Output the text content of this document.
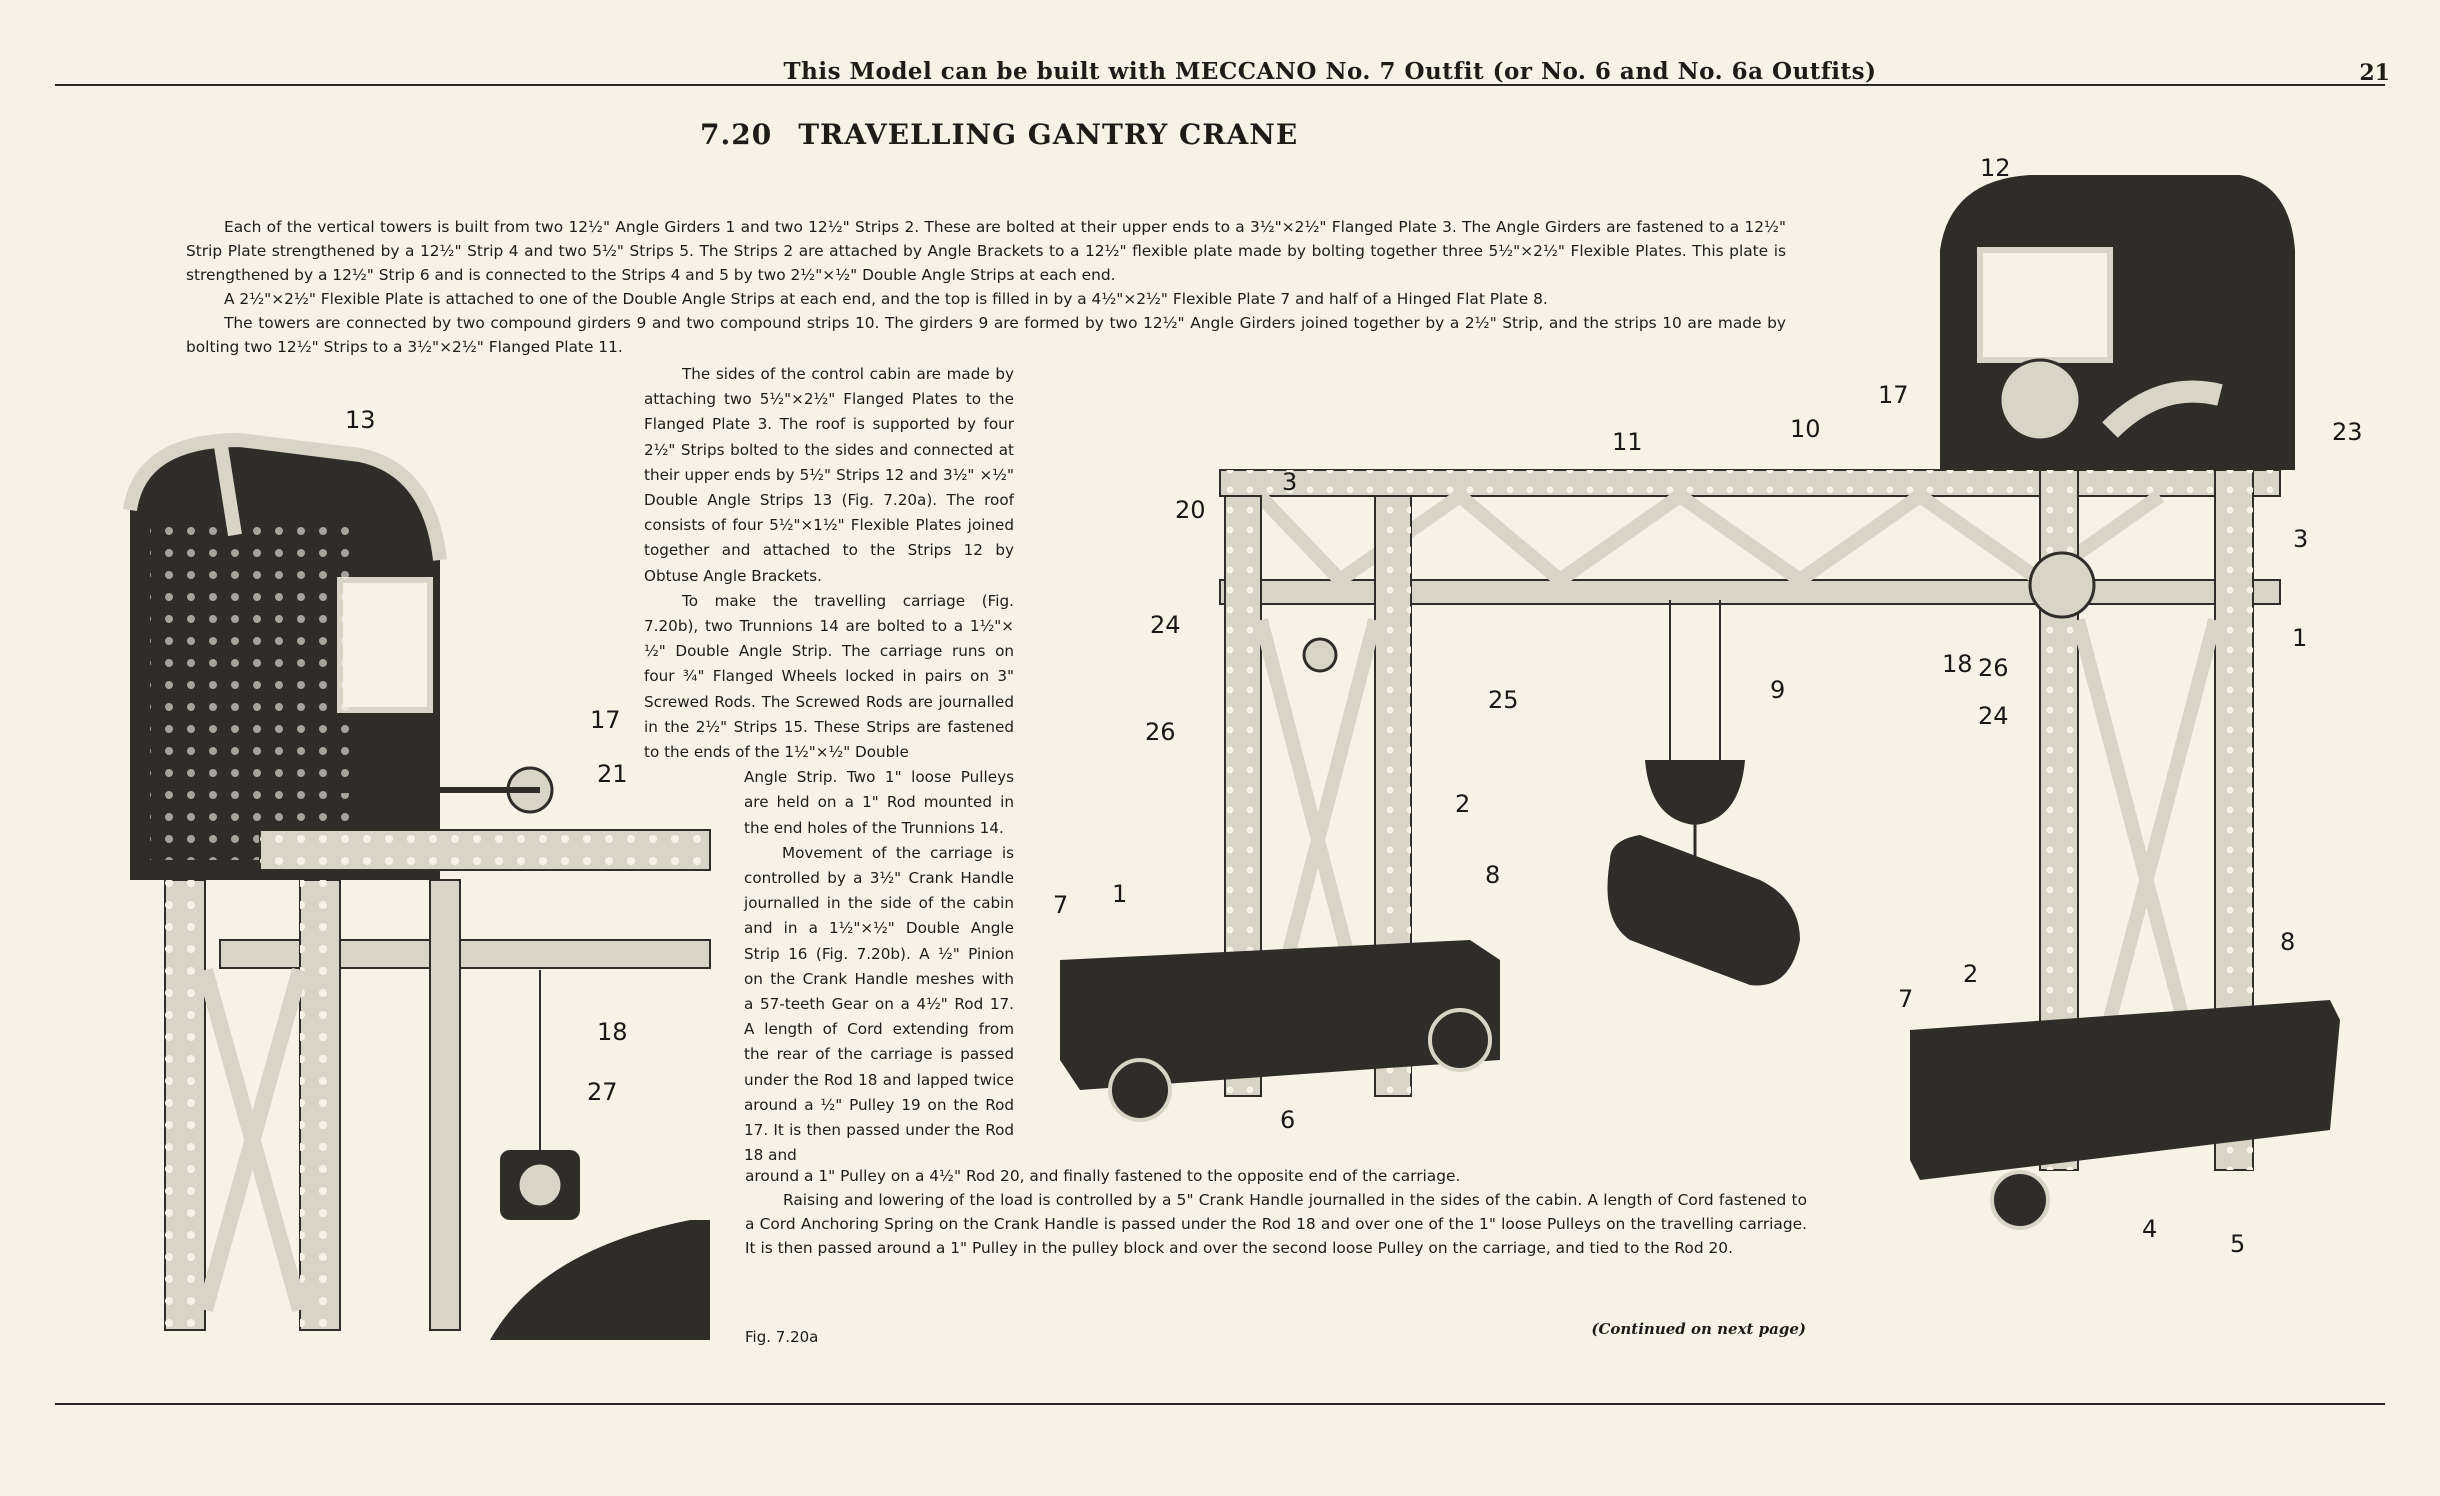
This Model can be built with MECCANO No. 7 Outfit (or No. 6 and No. 6a Outfits)	21
7.20 TRAVELLING GANTRY CRANE

Each of the vertical towers is built from two 12½" Angle Girders 1 and two 12½" Strips 2. These are bolted at their upper ends to a 3½"×2½" Flanged Plate 3. The Angle Girders are fastened to a 12½" Strip Plate strengthened by a 12½" Strip 4 and two 5½" Strips 5. The Strips 2 are attached by Angle Brackets to a 12½" flexible plate made by bolting together three 5½"×2½" Flexible Plates. This plate is strengthened by a 12½" Strip 6 and is connected to the Strips 4 and 5 by two 2½"×½" Double Angle Strips at each end.

A 2½"×2½" Flexible Plate is attached to one of the Double Angle Strips at each end, and the top is filled in by a 4½"×2½" Flexible Plate 7 and half of a Hinged Flat Plate 8.

The towers are connected by two compound girders 9 and two compound strips 10. The girders 9 are formed by two 12½" Angle Girders joined together by a 2½" Strip, and the strips 10 are made by bolting two 12½" Strips to a 3½"×2½" Flanged Plate 11.

The sides of the control cabin are made by attaching two 5½"×2½" Flanged Plates to the Flanged Plate 3. The roof is supported by four 2½" Strips bolted to the sides and connected at their upper ends by 5½" Strips 12 and 3½" ×½" Double Angle Strips 13 (Fig. 7.20a). The roof consists of four 5½"×1½" Flexible Plates joined together and attached to the Strips 12 by Obtuse Angle Brackets.

To make the travelling carriage (Fig. 7.20b), two Trunnions 14 are bolted to a 1½"× ½" Double Angle Strip. The carriage runs on four ¾" Flanged Wheels locked in pairs on 3" Screwed Rods. The Screwed Rods are journalled in the 2½" Strips 15. These Strips are fastened to the ends of the 1½"×½" Double

Angle Strip. Two 1" loose Pulleys are held on a 1" Rod mounted in the end holes of the Trunnions 14.

Movement of the carriage is controlled by a 3½" Crank Handle journalled in the side of the cabin and in a 1½"×½" Double Angle Strip 16 (Fig. 7.20b). A ½" Pinion on the Crank Handle meshes with a 57-teeth Gear on a 4½" Rod 17. A length of Cord extending from the rear of the carriage is passed under the Rod 18 and lapped twice around a ½" Pulley 19 on the Rod 17. It is then passed under the Rod 18 and

around a 1" Pulley on a 4½" Rod 20, and finally fastened to the opposite end of the carriage.

Raising and lowering of the load is controlled by a 5" Crank Handle journalled in the sides of the cabin. A length of Cord fastened to a Cord Anchoring Spring on the Crank Handle is passed under the Rod 18 and over one of the 1" loose Pulleys on the travelling carriage. It is then passed around a 1" Pulley in the pulley block and over the second loose Pulley on the carriage, and tied to the Rod 20.

Fig. 7.20a	(Continued on next page)
13
17
21
18
27
12
17
23
3
11	10
3
1
20
24
18 26
24
25	9
26
2
1
7
8
6
2
7
8
4
5
